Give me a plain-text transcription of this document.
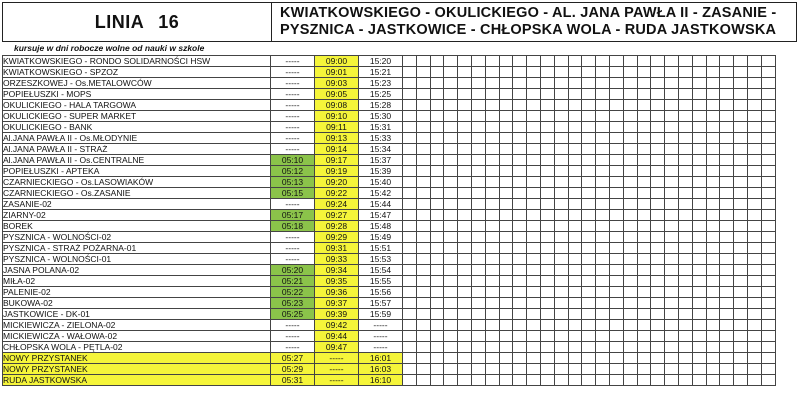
LINIA 16	KWIATKOWSKIEGO - OKULICKIEGO - AL. JANA PAWŁA II - ZASANIE -
PYSZNICA - JASTKOWICE - CHŁOPSKA WOLA - RUDA JASTKOWSKA
kursuje w dni robocze wolne od nauki w szkole
KWIATKOWSKIEGO - RONDO SOLIDARNOŚCI HSW	-----	09:00	15:20																											
KWIATKOWSKIEGO - SPZOZ	-----	09:01	15:21																											
ORZESZKOWEJ - Os.METALOWCÓW	-----	09:03	15:23																											
POPIEŁUSZKI - MOPS	-----	09:05	15:25																											
OKULICKIEGO - HALA TARGOWA	-----	09:08	15:28																											
OKULICKIEGO - SUPER MARKET	-----	09:10	15:30																											
OKULICKIEGO - BANK	-----	09:11	15:31																											
Al.JANA PAWŁA II - Os.MŁODYNIE	-----	09:13	15:33																											
Al.JANA PAWŁA II - STRAŻ	-----	09:14	15:34																											
Al.JANA PAWŁA II - Os.CENTRALNE	05:10	09:17	15:37																											
POPIEŁUSZKI - APTEKA	05:12	09:19	15:39																											
CZARNIECKIEGO - Os.LASOWIAKÓW	05:13	09:20	15:40																											
CZARNIECKIEGO - Os.ZASANIE	05:15	09:22	15:42																											
ZASANIE-02	-----	09:24	15:44																											
ZIARNY-02	05:17	09:27	15:47																											
BOREK	05:18	09:28	15:48																											
PYSZNICA - WOLNOŚCI-02	-----	09:29	15:49																											
PYSZNICA - STRAŻ POŻARNA-01	-----	09:31	15:51																											
PYSZNICA - WOLNOŚCI-01	-----	09:33	15:53																											
JASNA POLANA-02	05:20	09:34	15:54																											
MIŁA-02	05:21	09:35	15:55																											
PALENIE-02	05:22	09:36	15:56																											
BUKOWA-02	05:23	09:37	15:57																											
JASTKOWICE - DK-01	05:25	09:39	15:59																											
MICKIEWICZA - ZIELONA-02	-----	09:42	-----																											
MICKIEWICZA - WAŁOWA-02	-----	09:44	-----																											
CHŁOPSKA WOLA - PĘTLA-02	-----	09:47	-----																											
NOWY PRZYSTANEK	05:27	-----	16:01																											
NOWY PRZYSTANEK	05:29	-----	16:03																											
RUDA JASTKOWSKA	05:31	-----	16:10																											
